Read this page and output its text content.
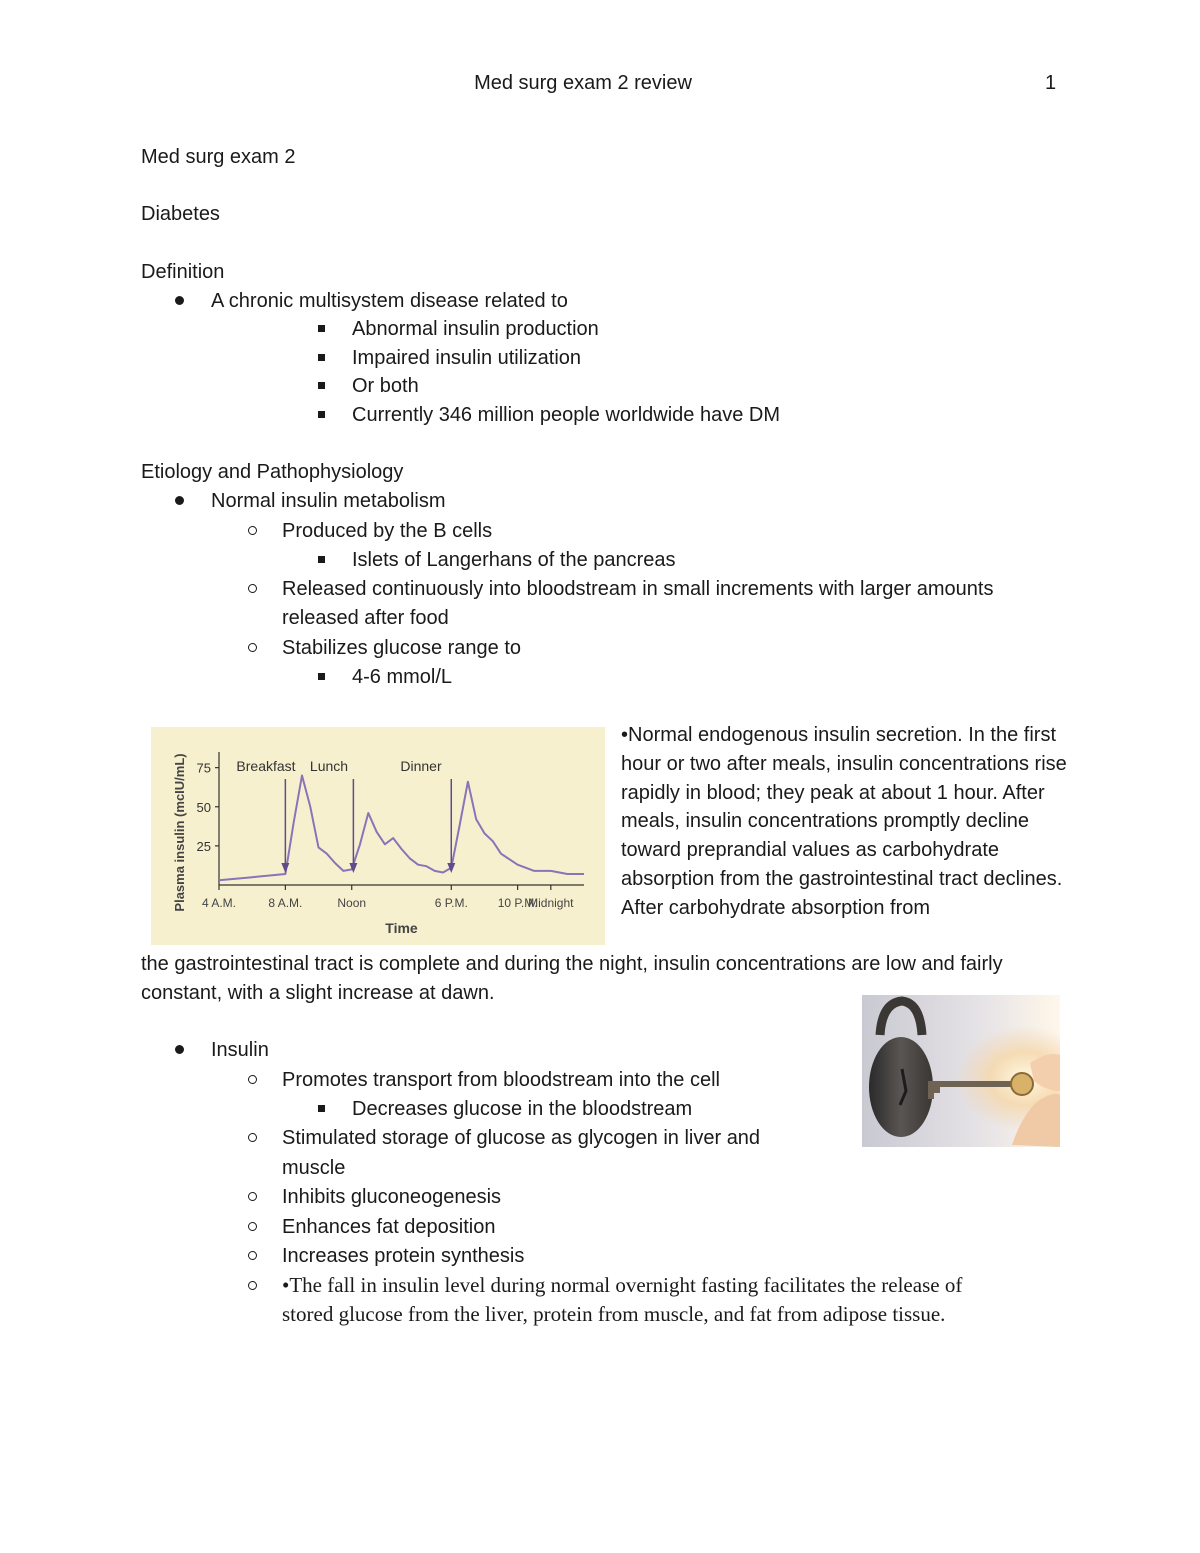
Med surg exam 2 review	1
Med surg exam 2
Diabetes
Definition
A chronic multisystem disease related to
Abnormal insulin production
Impaired insulin utilization
Or both
Currently 346 million people worldwide have DM
Etiology and Pathophysiology
Normal insulin metabolism
Produced by the B cells
Islets of Langerhans of the pancreas
Released continuously into bloodstream in small increments with larger amounts
released after food
Stabilizes glucose range to
4-6 mmol/L
75
50
25
4 A.M.	8 A.M.	Noon	6 P.M. 10 P.M.
Midnight
Time
Plasma insulin (mcIU/mL)	Breakfast Lunch	Dinner
•Normal endogenous insulin secretion. In the first hour or two after meals, insulin concentrations rise rapidly in blood; they peak at about 1 hour. After meals, insulin concentrations promptly decline toward preprandial values as carbohydrate absorption from the gastrointestinal tract declines. After carbohydrate absorption from
the gastrointestinal tract is complete and during the night, insulin concentrations are low and fairly constant, with a slight increase at dawn.
Insulin
Promotes transport from bloodstream into the cell
Decreases glucose in the bloodstream
Stimulated storage of glucose as glycogen in liver and
muscle
Inhibits gluconeogenesis
Enhances fat deposition
Increases protein synthesis
•The fall in insulin level during normal overnight fasting facilitates the release of
stored glucose from the liver, protein from muscle, and fat from adipose tissue.
